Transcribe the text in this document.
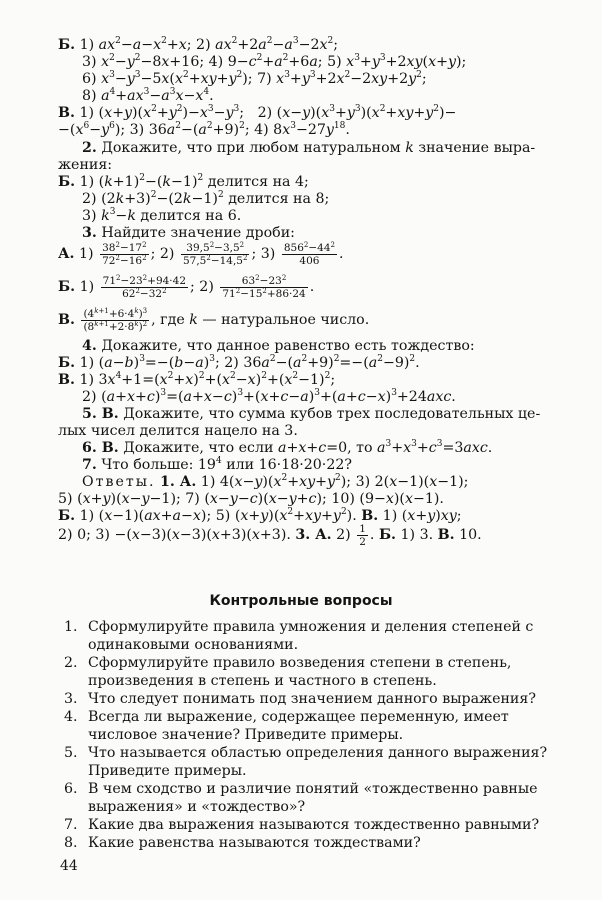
Б. 1) $ax^2-a-x^2+x$; 2) $ax^2+2a^2-a^3-2x^2$;
3) $x^2-y^2-8x+16$; 4) $9-c^2+a^2+6a$; 5) $x^3+y^3+2xy(x+y)$;
6) $x^3-y^3-5x(x^2+xy+y^2)$; 7) $x^3+y^3+2x^2-2xy+2y^2$;
8) $a^4+ax^3-a^3x-x^4$.
В. 1) $(x+y)(x^2+y^2)-x^3-y^3$;   2) $(x-y)(x^3+y^3)(x^2+xy+y^2)-$
$-(x^6-y^6)$; 3) $36a^2-(a^2+9)^2$; 4) $8x^3-27y^{18}$.
2. Докажите, что при любом натуральном k значение выра-
жения:
Б. 1) $(k+1)^2-(k-1)^2$ делится на 4;
2) $(2k+3)^2-(2k-1)^2$ делится на 8;
3) $k^3-k$ делится на 6.
3. Найдите значение дроби:
А. $1) \frac{38^2-17^2}{72^2-16^2}$ ; $2) \frac{39,5^2-3,5^2}{57,5^2-14,5^2}$ ; $3) \frac{856^2-44^2}{406}$ .
Б. $1) \frac{71^2-23^2+94\cdot 42}{62^2-32^2}$ ; $2) \frac{63^2-23^2}{71^2-15^2+86\cdot 24}$ .
В. $\frac{(4^{k+1}+6\cdot 4^k)^3}{(8^{k+1}+2\cdot 8^k)^2}$ , где k — натуральное число.
4. Докажите, что данное равенство есть тождество:
Б. 1) $(a-b)^3=-(b-a)^3$; 2) $36a^2-(a^2+9)^2=-(a^2-9)^2$.
В. 1) $3x^4+1=(x^2+x)^2+(x^2-x)^2+(x^2-1)^2$;
2) $(a+x+c)^3=(a+x-c)^3+(x+c-a)^3+(a+c-x)^3+24axc$.
5. В. Докажите, что сумма кубов трех последовательных це-
лых чисел делится нацело на 3.
6. В. Докажите, что если a+x+c=0, то $a^3+x^3+c^3=3axc$.
7. Что больше: $19^4$ или 16·18·20·22?
Ответы. 1. А. 1) $4(x-y)(x^2+xy+y^2)$; 3) 2(x−1)(x−1);
5) (x+y)(x−y−1); 7) (x−y−c)(x−y+c); 10) (9−x)(x−1).
Б. 1) (x−1)(ax+a−x); 5) $(x+y)(x^2+xy+y^2)$. В. 1) (x+y)xy;
2) 0; 3) −(x−3)(x−3)(x+3)(x+3). 3. А. $2) \frac{1}{2}$ . Б. 1) 3. В. 10.
Контрольные вопросы
1. Сформулируйте правила умножения и деления степеней с одинаковыми основаниями.
2. Сформулируйте правило возведения степени в степень, произведения в степень и частного в степень.
3. Что следует понимать под значением данного выражения?
4. Всегда ли выражение, содержащее переменную, имеет числовое значение? Приведите примеры.
5. Что называется областью определения данного выражения? Приведите примеры.
6. В чем сходство и различие понятий «тождественно равные выражения» и «тождество»?
7. Какие два выражения называются тождественно равными?
8. Какие равенства называются тождествами?
44
